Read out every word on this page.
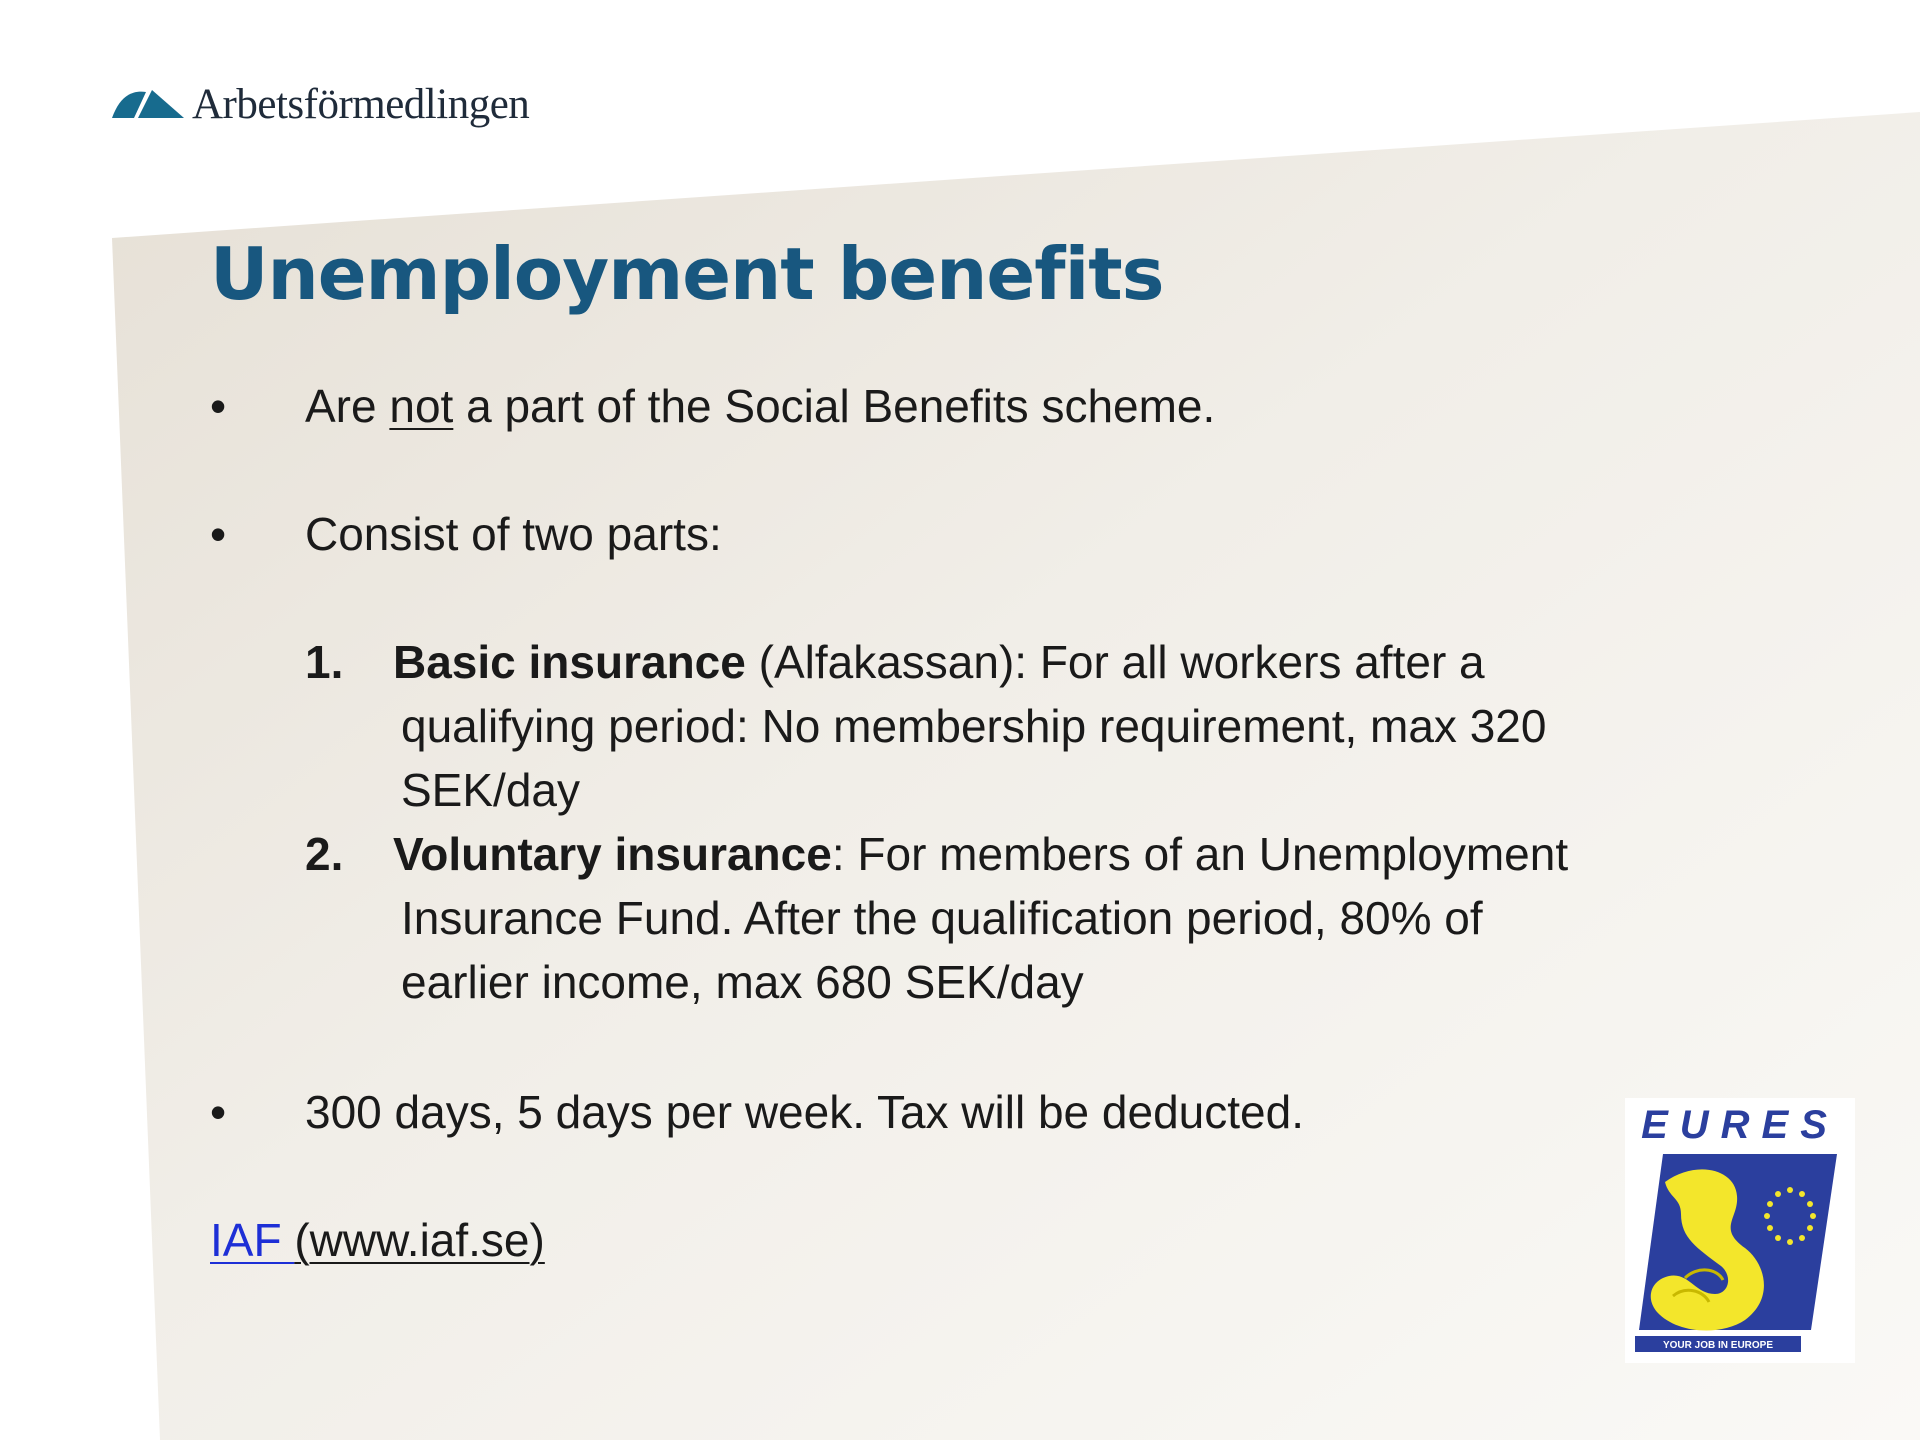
Arbetsförmedlingen
Unemployment benefits
•	Are not a part of the Social Benefits scheme.
•	Consist of two parts:
1. Basic insurance (Alfakassan): For all workers after a
qualifying period: No membership requirement, max 320
SEK/day
2. Voluntary insurance: For members of an Unemployment
Insurance Fund. After the qualification period, 80% of
earlier income, max 680 SEK/day
•	300 days, 5 days per week. Tax will be deducted.
IAF (www.iaf.se)
EURES
YOUR JOB IN EUROPE
